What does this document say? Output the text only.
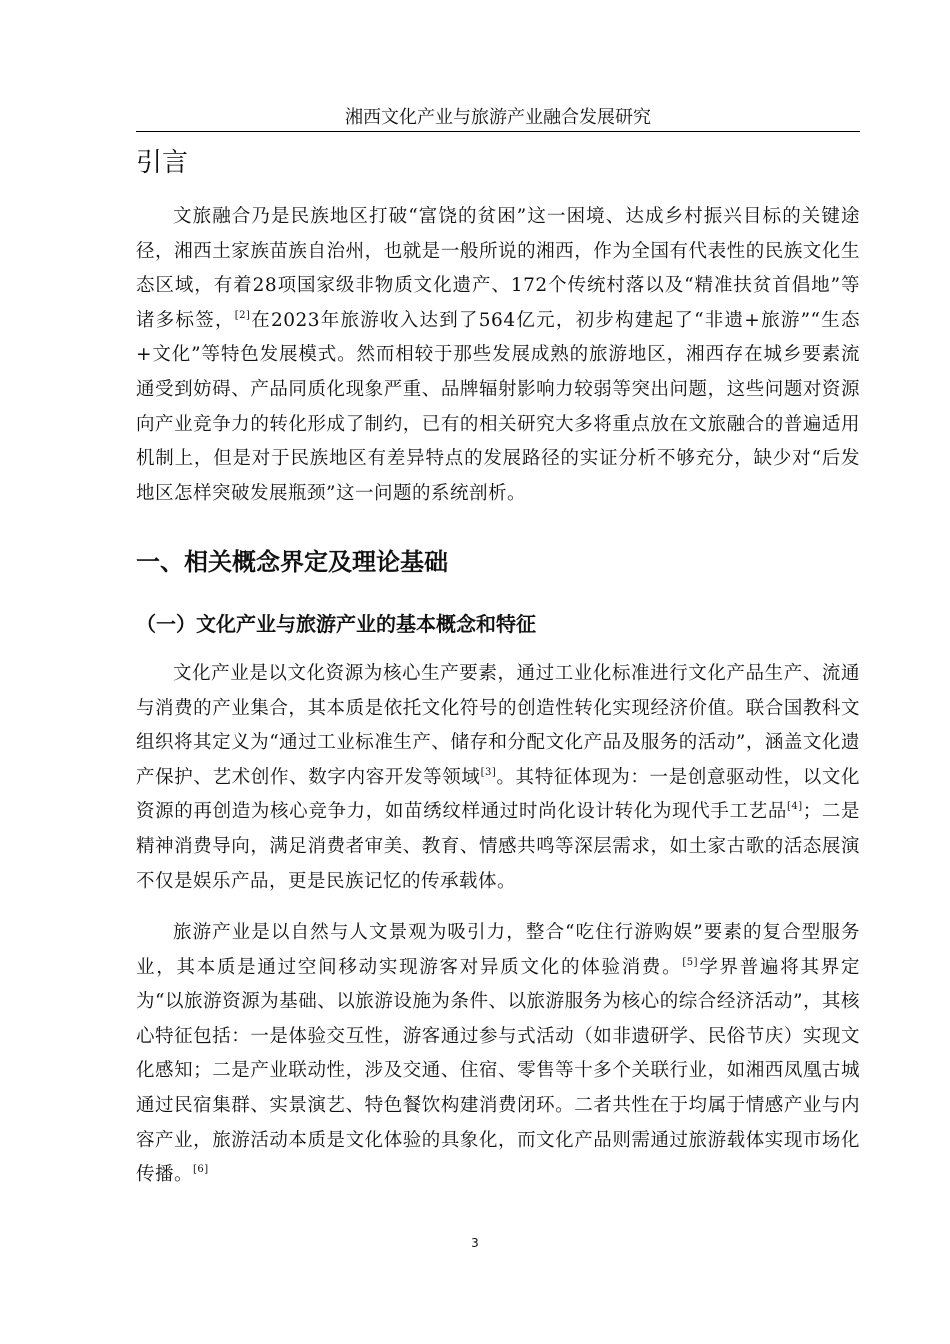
湘西文化产业与旅游产业融合发展研究
引言

文旅融合乃是民族地区打破“富饶的贫困”这一困境、达成乡村振兴目标的关键途径，湘西土家族苗族自治州，也就是一般所说的湘西，作为全国有代表性的民族文化生态区域，有着28项国家级非物质文化遗产、172个传统村落以及“精准扶贫首倡地”等诸多标签，[2]在2023年旅游收入达到了564亿元，初步构建起了“非遗+旅游”“生态+文化”等特色发展模式。然而相较于那些发展成熟的旅游地区，湘西存在城乡要素流通受到妨碍、产品同质化现象严重、品牌辐射影响力较弱等突出问题，这些问题对资源向产业竞争力的转化形成了制约，已有的相关研究大多将重点放在文旅融合的普遍适用机制上，但是对于民族地区有差异特点的发展路径的实证分析不够充分，缺少对“后发地区怎样突破发展瓶颈”这一问题的系统剖析。

一、相关概念界定及理论基础
（一）文化产业与旅游产业的基本概念和特征

文化产业是以文化资源为核心生产要素，通过工业化标准进行文化产品生产、流通与消费的产业集合，其本质是依托文化符号的创造性转化实现经济价值。联合国教科文组织将其定义为“通过工业标准生产、储存和分配文化产品及服务的活动”，涵盖文化遗产保护、艺术创作、数字内容开发等领域[3]。其特征体现为：一是创意驱动性，以文化资源的再创造为核心竞争力，如苗绣纹样通过时尚化设计转化为现代手工艺品[4]；二是精神消费导向，满足消费者审美、教育、情感共鸣等深层需求，如土家古歌的活态展演不仅是娱乐产品，更是民族记忆的传承载体。

旅游产业是以自然与人文景观为吸引力，整合“吃住行游购娱”要素的复合型服务业，其本质是通过空间移动实现游客对异质文化的体验消费。[5]学界普遍将其界定为“以旅游资源为基础、以旅游设施为条件、以旅游服务为核心的综合经济活动”，其核心特征包括：一是体验交互性，游客通过参与式活动（如非遗研学、民俗节庆）实现文化感知；二是产业联动性，涉及交通、住宿、零售等十多个关联行业，如湘西凤凰古城通过民宿集群、实景演艺、特色餐饮构建消费闭环。二者共性在于均属于情感产业与内容产业，旅游活动本质是文化体验的具象化，而文化产品则需通过旅游载体实现市场化传播。[6]

3
